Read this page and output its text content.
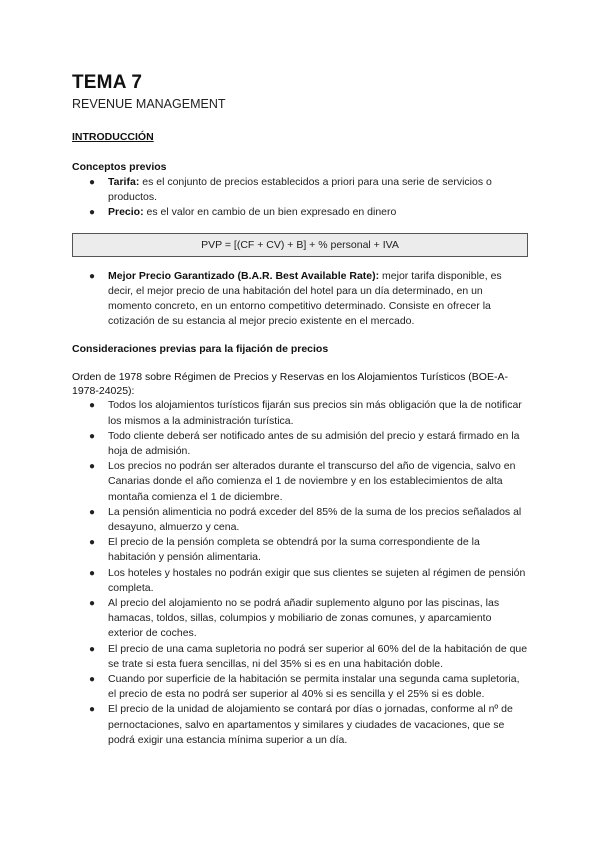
TEMA 7
REVENUE MANAGEMENT
INTRODUCCIÓN
Conceptos previos
● Tarifa: es el conjunto de precios establecidos a priori para una serie de servicios o productos.
● Precio: es el valor en cambio de un bien expresado en dinero
PVP = [(CF + CV) + B] + % personal + IVA
● Mejor Precio Garantizado (B.A.R. Best Available Rate): mejor tarifa disponible, es decir, el mejor precio de una habitación del hotel para un día determinado, en un momento concreto, en un entorno competitivo determinado. Consiste en ofrecer la cotización de su estancia al mejor precio existente en el mercado.
Consideraciones previas para la fijación de precios
Orden de 1978 sobre Régimen de Precios y Reservas en los Alojamientos Turísticos (BOE-A-1978-24025):
● Todos los alojamientos turísticos fijarán sus precios sin más obligación que la de notificar los mismos a la administración turística.
● Todo cliente deberá ser notificado antes de su admisión del precio y estará firmado en la hoja de admisión.
● Los precios no podrán ser alterados durante el transcurso del año de vigencia, salvo en Canarias donde el año comienza el 1 de noviembre y en los establecimientos de alta montaña comienza el 1 de diciembre.
● La pensión alimenticia no podrá exceder del 85% de la suma de los precios señalados al desayuno, almuerzo y cena.
● El precio de la pensión completa se obtendrá por la suma correspondiente de la habitación y pensión alimentaria.
● Los hoteles y hostales no podrán exigir que sus clientes se sujeten al régimen de pensión completa.
● Al precio del alojamiento no se podrá añadir suplemento alguno por las piscinas, las hamacas, toldos, sillas, columpios y mobiliario de zonas comunes, y aparcamiento exterior de coches.
● El precio de una cama supletoria no podrá ser superior al 60% del de la habitación de que se trate si esta fuera sencillas, ni del 35% si es en una habitación doble.
● Cuando por superficie de la habitación se permita instalar una segunda cama supletoria, el precio de esta no podrá ser superior al 40% si es sencilla y el 25% si es doble.
● El precio de la unidad de alojamiento se contará por días o jornadas, conforme al nº de pernoctaciones, salvo en apartamentos y similares y ciudades de vacaciones, que se podrá exigir una estancia mínima superior a un día.
